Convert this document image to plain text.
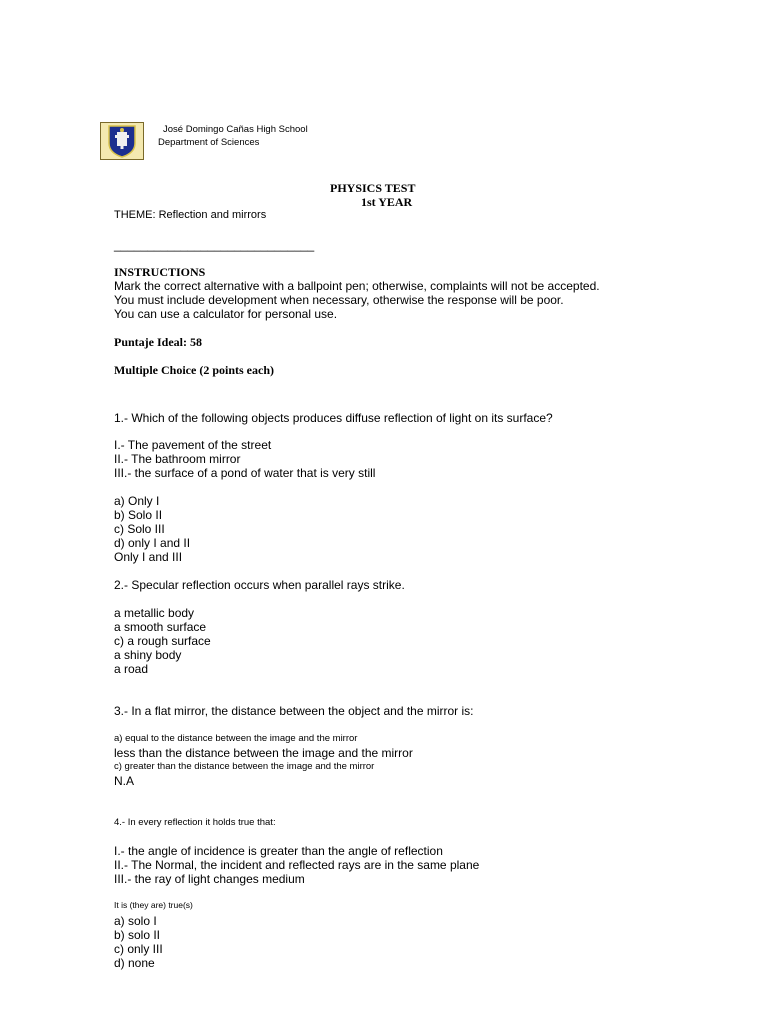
José Domingo Cañas High School
Department of Sciences
PHYSICS TEST
1st YEAR
THEME: Reflection and mirrors
______________________________
INSTRUCTIONS
Mark the correct alternative with a ballpoint pen; otherwise, complaints will not be accepted.
You must include development when necessary, otherwise the response will be poor.
You can use a calculator for personal use.
Puntaje Ideal: 58
Multiple Choice (2 points each)
1.- Which of the following objects produces diffuse reflection of light on its surface?
I.- The pavement of the street
II.- The bathroom mirror
III.- the surface of a pond of water that is very still
a) Only I
b) Solo II
c) Solo III
d) only I and II
Only I and III
2.- Specular reflection occurs when parallel rays strike.
a metallic body
a smooth surface
c) a rough surface
a shiny body
a road
3.- In a flat mirror, the distance between the object and the mirror is:
a) equal to the distance between the image and the mirror
less than the distance between the image and the mirror
c) greater than the distance between the image and the mirror
N.A
4.- In every reflection it holds true that:
I.- the angle of incidence is greater than the angle of reflection
II.- The Normal, the incident and reflected rays are in the same plane
III.- the ray of light changes medium
It is (they are) true(s)
a) solo I
b) solo II
c) only III
d) none
